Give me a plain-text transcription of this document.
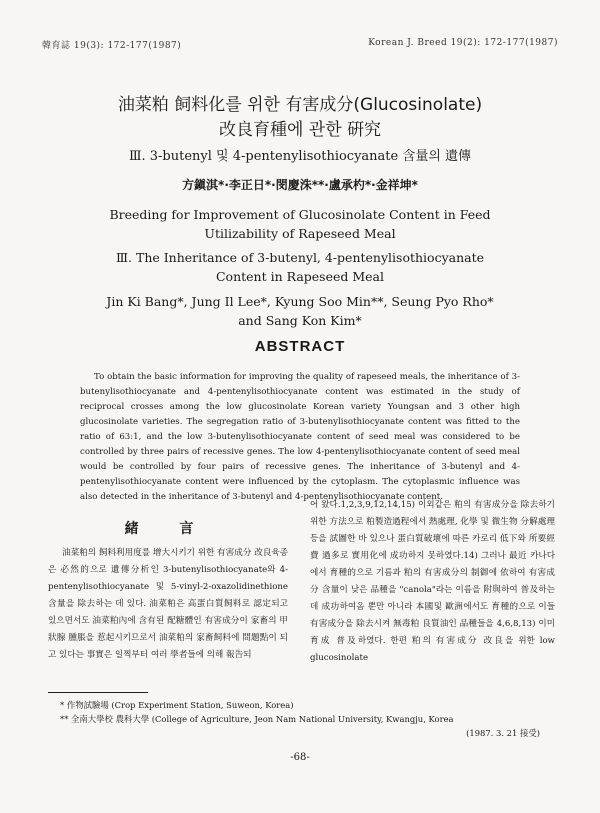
韓育誌 19(3): 172-177(1987)	Korean J. Breed 19(2): 172-177(1987)
油菜粕 飼料化를 위한 有害成分(Glucosinolate)
改良育種에 관한 硏究
Ⅲ. 3-butenyl 및 4-pentenylisothiocyanate 含量의 遺傳
方鎭淇*·李正日*·閔慶洙**·盧承杓*·金祥坤*
Breeding for Improvement of Glucosinolate Content in Feed
Utilizability of Rapeseed Meal
Ⅲ. The Inheritance of 3-butenyl, 4-pentenylisothiocyanate
Content in Rapeseed Meal
Jin Ki Bang*, Jung Il Lee*, Kyung Soo Min**, Seung Pyo Rho*
and Sang Kon Kim*
ABSTRACT
To obtain the basic information for improving the quality of rapeseed meals, the inheritance of 3-butenylisothiocyanate and 4-pentenylisothiocyanate content was estimated in the study of reciprocal crosses among the low glucosinolate Korean variety Youngsan and 3 other high glucosinolate varieties. The segregation ratio of 3-butenylisothiocyanate content was fitted to the ratio of 63:1, and the low 3-butenylisothiocyanate content of seed meal was considered to be controlled by three pairs of recessive genes. The low 4-pentenylisothiocyanate content of seed meal would be controlled by four pairs of recessive genes. The inheritance of 3-butenyl and 4-pentenylisothiocyanate content were influenced by the cytoplasm. The cytoplasmic influence was also detected in the inheritance of 3-butenyl and 4-pentenylisothiocyanate content.
緒 言
油菜粕의 飼料利用度를 增大시키기 위한 有害成分 改良육종은 必然的으로 遺傳分析인 3-butenylisothiocyanate와 4-pentenylisothiocyanate 및 5-vinyl-2-oxazolidinethione 含量을 除去하는 데 있다. 油菜粕은 高蛋白質飼料로 認定되고 있으면서도 油菜粕內에 含有된 配糖體인 有害成分이 家畜의 甲狀腺 腫脹을 惹起시키므로서 油菜粕의 家畜飼料에 問題點이 되고 있다는 事實은 일찍부터 여러 學者들에 의해 報告되
어 왔다.1,2,3,9,12,14,15) 이외같은 粕의 有害成分을 除去하기 위한 方法으로 粕製造過程에서 熱處理, 化學 및 微生物 分解處理 등을 試圖한 바 있으나 蛋白質破壞에 따른 카로리 低下와 所要經費 過多로 實用化에 成功하지 못하였다.14) 그러나 最近 카나다에서 育種的으로 기름과 粕의 有害成分의 制御에 依하여 有害成分 含量이 낮은 品種을 "canola"라는 이름을 附與하여 普及하는데 成功하여옴 뿐만 아니라 本國및 歐洲에서도 育種的으로 이들 有害成分을 除去시켜 無毒粕 良質油인 品種들을 4,6,8,13) 이미 育成 普及하였다. 한편 粕의 有害成分 改良을 위한 low glucosinolate
* 作物試驗場 (Crop Experiment Station, Suweon, Korea)
** 全南大學校 農科大學 (College of Agriculture, Jeon Nam National University, Kwangju, Korea
(1987. 3. 21 接受)
-68-
